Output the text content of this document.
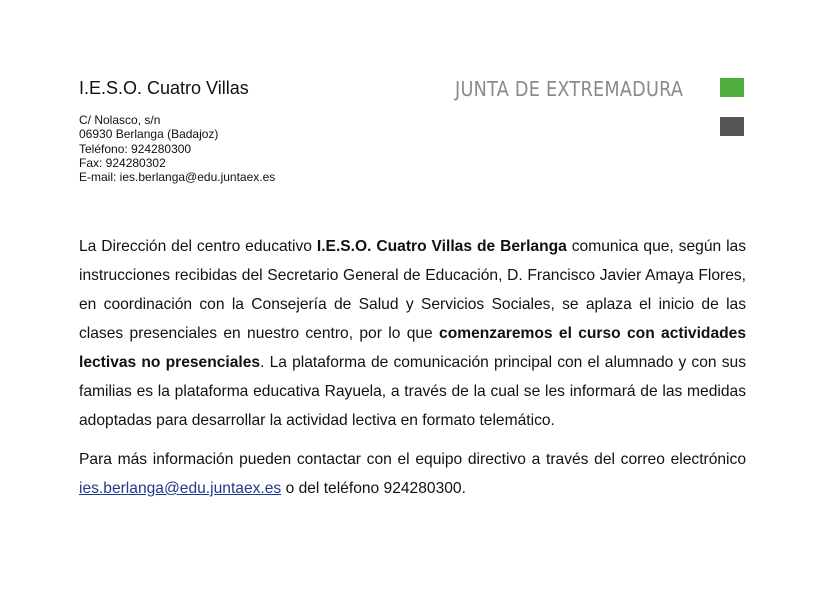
I.E.S.O. Cuatro Villas
C/ Nolasco, s/n
06930 Berlanga (Badajoz)
Teléfono: 924280300
Fax: 924280302
E-mail: ies.berlanga@edu.juntaex.es
JUNTA DE EXTREMADURA

La Dirección del centro educativo I.E.S.O. Cuatro Villas de Berlanga comunica que, según las instrucciones recibidas del Secretario General de Educación, D. Francisco Javier Amaya Flores, en coordinación con la Consejería de Salud y Servicios Sociales, se aplaza el inicio de las clases presenciales en nuestro centro, por lo que comenzaremos el curso con actividades lectivas no presenciales. La plataforma de comunicación principal con el alumnado y con sus familias es la plataforma educativa Rayuela, a través de la cual se les informará de las medidas adoptadas para desarrollar la actividad lectiva en formato telemático.

Para más información pueden contactar con el equipo directivo a través del correo electrónico ies.berlanga@edu.juntaex.es o del teléfono 924280300.
